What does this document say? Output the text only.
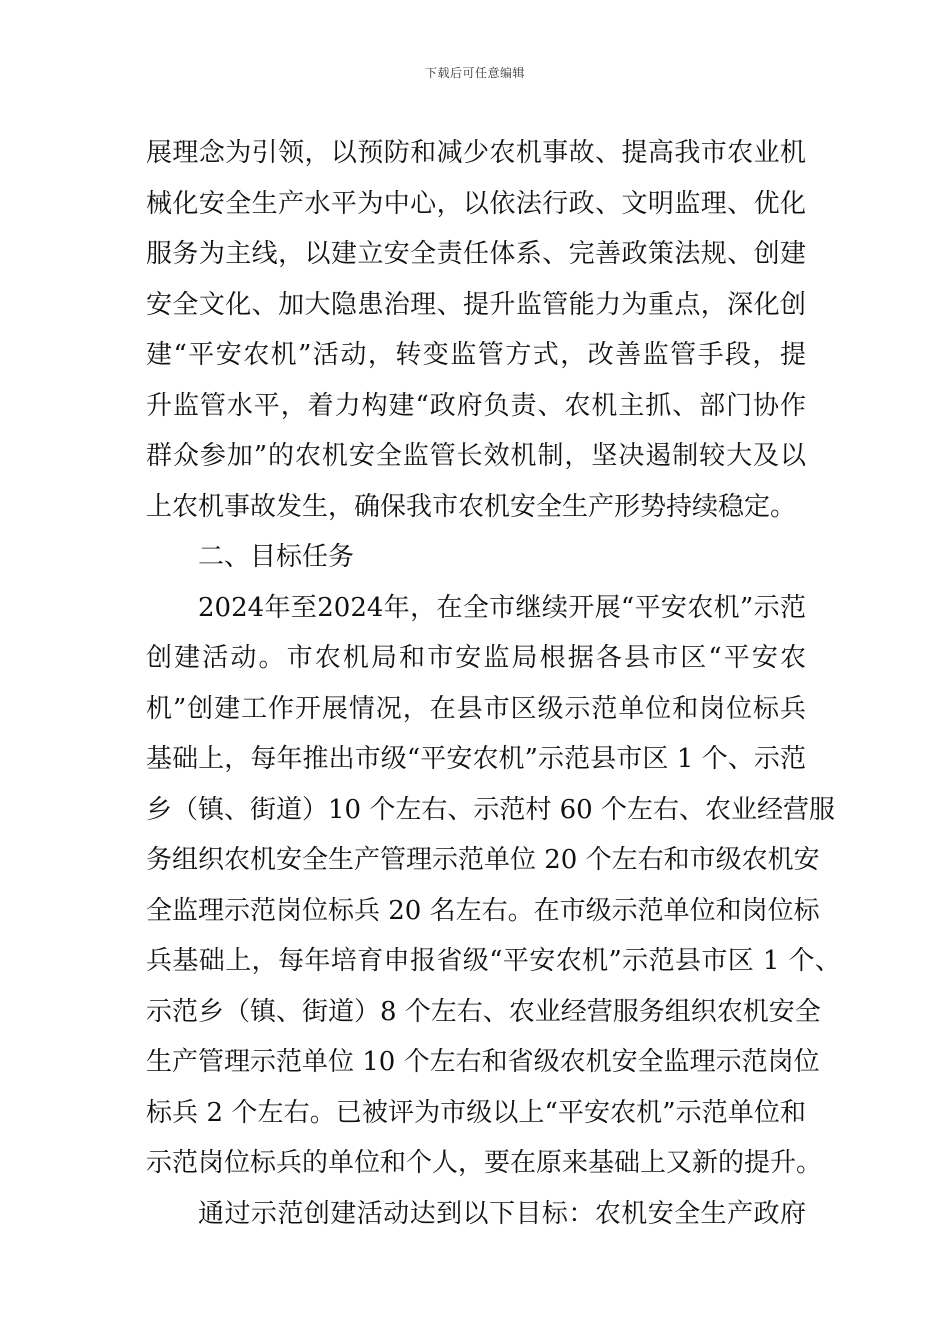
下载后可任意编辑
展理念为引领，以预防和减少农机事故、提高我市农业机
械化安全生产水平为中心，以依法行政、文明监理、优化
服务为主线，以建立安全责任体系、完善政策法规、创建
安全文化、加大隐患治理、提升监管能力为重点，深化创
建“平安农机”活动，转变监管方式，改善监管手段，提
升监管水平，着力构建“政府负责、农机主抓、部门协作
群众参加”的农机安全监管长效机制，坚决遏制较大及以
上农机事故发生，确保我市农机安全生产形势持续稳定。
二、目标任务
2024年至2024年，在全市继续开展“平安农机”示范
创建活动。市农机局和市安监局根据各县市区“平安农
机”创建工作开展情况，在县市区级示范单位和岗位标兵
基础上，每年推出市级“平安农机”示范县市区 1 个、示范
乡（镇、街道）10 个左右、示范村 60 个左右、农业经营服
务组织农机安全生产管理示范单位 20 个左右和市级农机安
全监理示范岗位标兵 20 名左右。在市级示范单位和岗位标
兵基础上，每年培育申报省级“平安农机”示范县市区 1 个、
示范乡（镇、街道）8 个左右、农业经营服务组织农机安全
生产管理示范单位 10 个左右和省级农机安全监理示范岗位
标兵 2 个左右。已被评为市级以上“平安农机”示范单位和
示范岗位标兵的单位和个人，要在原来基础上又新的提升。
通过示范创建活动达到以下目标：农机安全生产政府
